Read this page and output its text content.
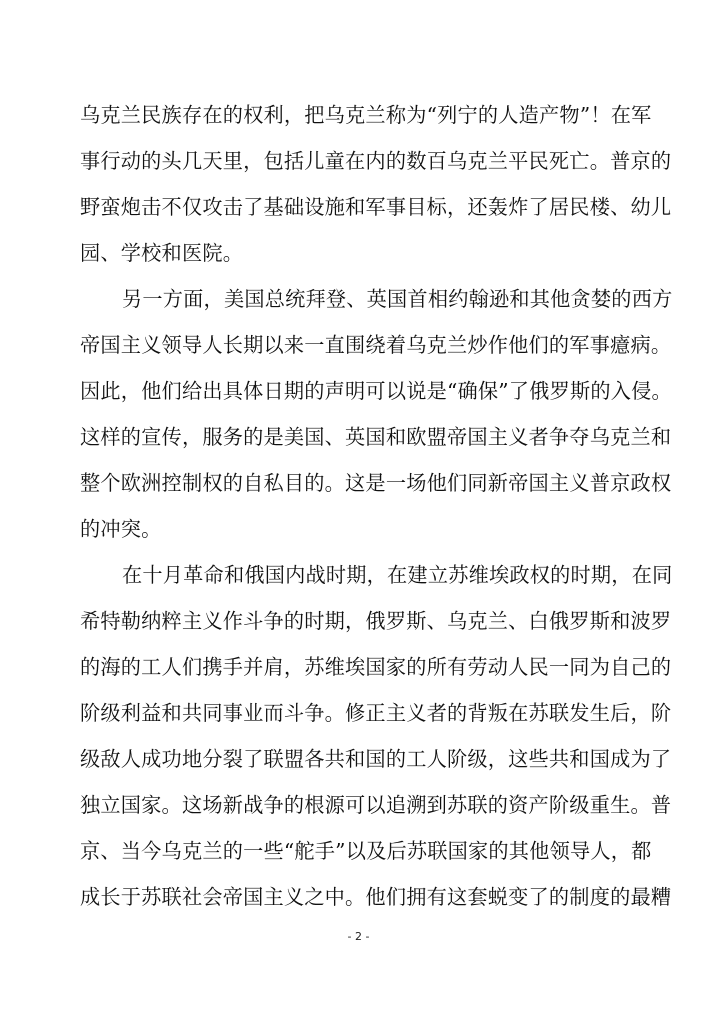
乌克兰民族存在的权利，把乌克兰称为“列宁的人造产物”！在军
事行动的头几天里，包括儿童在内的数百乌克兰平民死亡。普京的
野蛮炮击不仅攻击了基础设施和军事目标，还轰炸了居民楼、幼儿
园、学校和医院。
另一方面，美国总统拜登、英国首相约翰逊和其他贪婪的西方
帝国主义领导人长期以来一直围绕着乌克兰炒作他们的军事癔病。
因此，他们给出具体日期的声明可以说是“确保”了俄罗斯的入侵。
这样的宣传，服务的是美国、英国和欧盟帝国主义者争夺乌克兰和
整个欧洲控制权的自私目的。这是一场他们同新帝国主义普京政权
的冲突。
在十月革命和俄国内战时期，在建立苏维埃政权的时期，在同
希特勒纳粹主义作斗争的时期，俄罗斯、乌克兰、白俄罗斯和波罗
的海的工人们携手并肩，苏维埃国家的所有劳动人民一同为自己的
阶级利益和共同事业而斗争。修正主义者的背叛在苏联发生后，阶
级敌人成功地分裂了联盟各共和国的工人阶级，这些共和国成为了
独立国家。这场新战争的根源可以追溯到苏联的资产阶级重生。普
京、当今乌克兰的一些“舵手”以及后苏联国家的其他领导人，都
成长于苏联社会帝国主义之中。他们拥有这套蜕变了的制度的最糟
- 2 -
